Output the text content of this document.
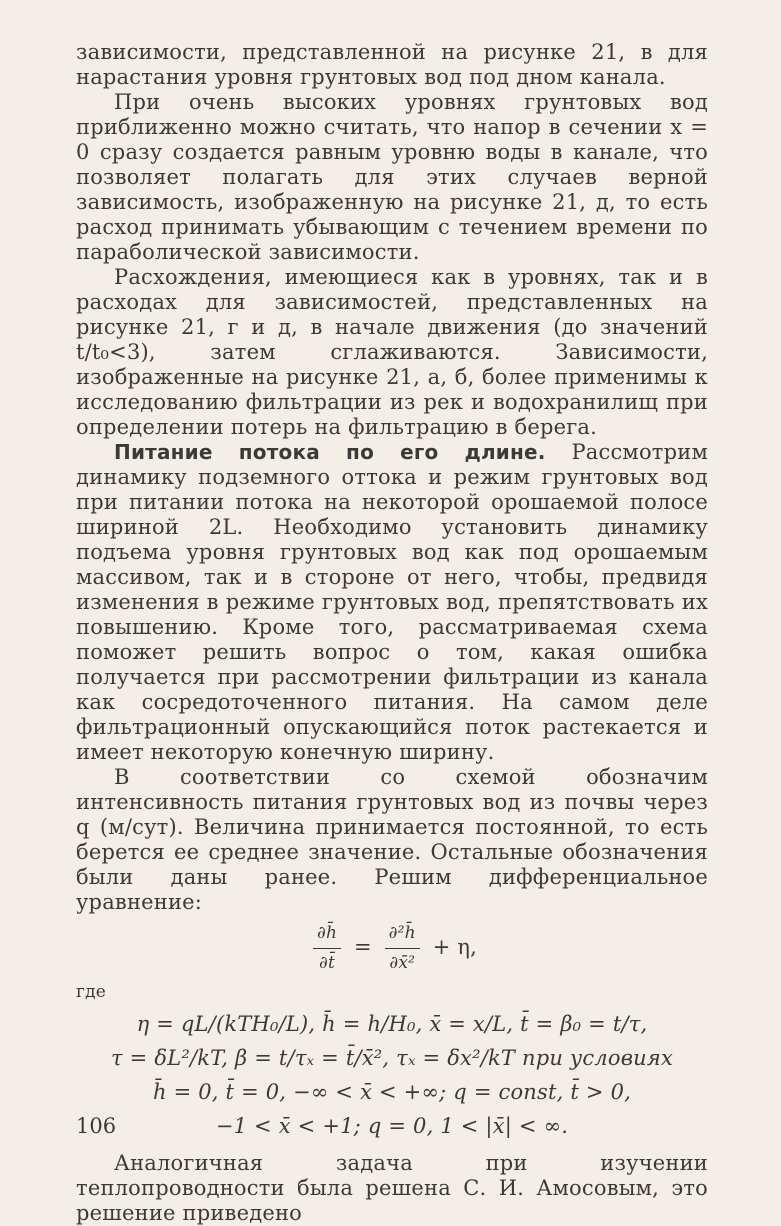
зависимости, представленной на рисунке 21, в для нарастания уровня грунтовых вод под дном канала.

При очень высоких уровнях грунтовых вод приближенно можно считать, что напор в сечении x = 0 сразу создается равным уровню воды в канале, что позволяет полагать для этих случаев верной зависимость, изображенную на рисунке 21, д, то есть расход принимать убывающим с течением времени по параболической зависимости.

Расхождения, имеющиеся как в уровнях, так и в расходах для зависимостей, представленных на рисунке 21, г и д, в начале движения (до значений t/t₀<3), затем сглаживаются. Зависимости, изображенные на рисунке 21, а, б, более применимы к исследованию фильтрации из рек и водохранилищ при определении потерь на фильтрацию в берега.

Питание потока по его длине. Рассмотрим динамику подземного оттока и режим грунтовых вод при питании потока на некоторой орошаемой полосе шириной 2L. Необходимо установить динамику подъема уровня грунтовых вод как под орошаемым массивом, так и в стороне от него, чтобы, предвидя изменения в режиме грунтовых вод, препятствовать их повышению. Кроме того, рассматриваемая схема поможет решить вопрос о том, какая ошибка получается при рассмотрении фильтрации из канала как сосредоточенного питания. На самом деле фильтрационный опускающийся поток растекается и имеет некоторую конечную ширину.

В соответствии со схемой обозначим интенсивность питания грунтовых вод из почвы через q (м/сут). Величина принимается постоянной, то есть берется ее среднее значение. Остальные обозначения были даны ранее. Решим дифференциальное уравнение:

$\frac{\partial h̄}{\partial t̄} = \frac{\text{∂²h̄}}{\text{∂x̄²}} + \eta$,
где

η = qL/(kTH₀/L), h̄ = h/H₀, x̄ = x/L, t̄ = β₀ = t/τ,

τ = δL²/kT, β = t/τₓ = t̄/x̄², τₓ = δx²/kT при условиях

h̄ = 0, t̄ = 0, −∞ < x̄ < +∞; q = const, t̄ > 0,

−1 < x̄ < +1; q = 0, 1 < |x̄| < ∞.

Аналогичная задача при изучении теплопроводности была решена С. И. Амосовым, это решение приведено

106
